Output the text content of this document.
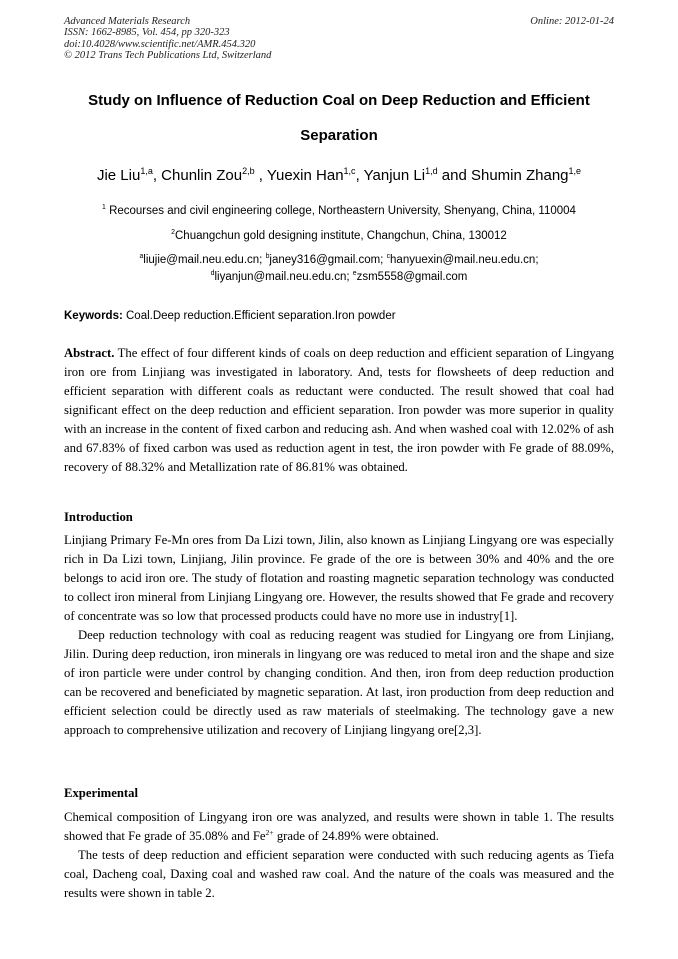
Advanced Materials Research
ISSN: 1662-8985, Vol. 454, pp 320-323
doi:10.4028/www.scientific.net/AMR.454.320
© 2012 Trans Tech Publications Ltd, Switzerland
Online: 2012-01-24
Study on Influence of Reduction Coal on Deep Reduction and Efficient
Separation
Jie Liu$^{1,a}$, Chunlin Zou$^{2,b}$ , Yuexin Han$^{1,c}$, Yanjun Li$^{1,d}$ and Shumin Zhang$^{1,e}$
$^1$ Recourses and civil engineering college, Northeastern University, Shenyang, China, 110004
$^2$Chuangchun gold designing institute, Changchun, China, 130012
$^a$liujie@mail.neu.edu.cn; $^b$janey316@gmail.com; $^c$hanyuexin@mail.neu.edu.cn;
$^d$liyanjun@mail.neu.edu.cn; $^e$zsm5558@gmail.com
Keywords: Coal.Deep reduction.Efficient separation.Iron powder

Abstract. The effect of four different kinds of coals on deep reduction and efficient separation of Lingyang iron ore from Linjiang was investigated in laboratory. And, tests for flowsheets of deep reduction and efficient separation with different coals as reductant were conducted. The result showed that coal had significant effect on the deep reduction and efficient separation. Iron powder was more superior in quality with an increase in the content of fixed carbon and reducing ash. And when washed coal with 12.02% of ash and 67.83% of fixed carbon was used as reduction agent in test, the iron powder with Fe grade of 88.09%, recovery of 88.32% and Metallization rate of 86.81% was obtained.

Introduction

Linjiang Primary Fe-Mn ores from Da Lizi town, Jilin, also known as Linjiang Lingyang ore was especially rich in Da Lizi town, Linjiang, Jilin province. Fe grade of the ore is between 30% and 40% and the ore belongs to acid iron ore. The study of flotation and roasting magnetic separation technology was conducted to collect iron mineral from Linjiang Lingyang ore. However, the results showed that Fe grade and recovery of concentrate was so low that processed products could have no more use in industry[1].

Deep reduction technology with coal as reducing reagent was studied for Lingyang ore from Linjiang, Jilin. During deep reduction, iron minerals in lingyang ore was reduced to metal iron and the shape and size of iron particle were under control by changing condition. And then, iron from deep reduction production can be recovered and beneficiated by magnetic separation. At last, iron production from deep reduction and efficient selection could be directly used as raw materials of steelmaking. The technology gave a new approach to comprehensive utilization and recovery of Linjiang lingyang ore[2,3].

Experimental

Chemical composition of Lingyang iron ore was analyzed, and results were shown in table 1. The results showed that Fe grade of 35.08% and $Fe^{2+}$ grade of 24.89% were obtained.

The tests of deep reduction and efficient separation were conducted with such reducing agents as Tiefa coal, Dacheng coal, Daxing coal and washed raw coal. And the nature of the coals was measured and the results were shown in table 2.
